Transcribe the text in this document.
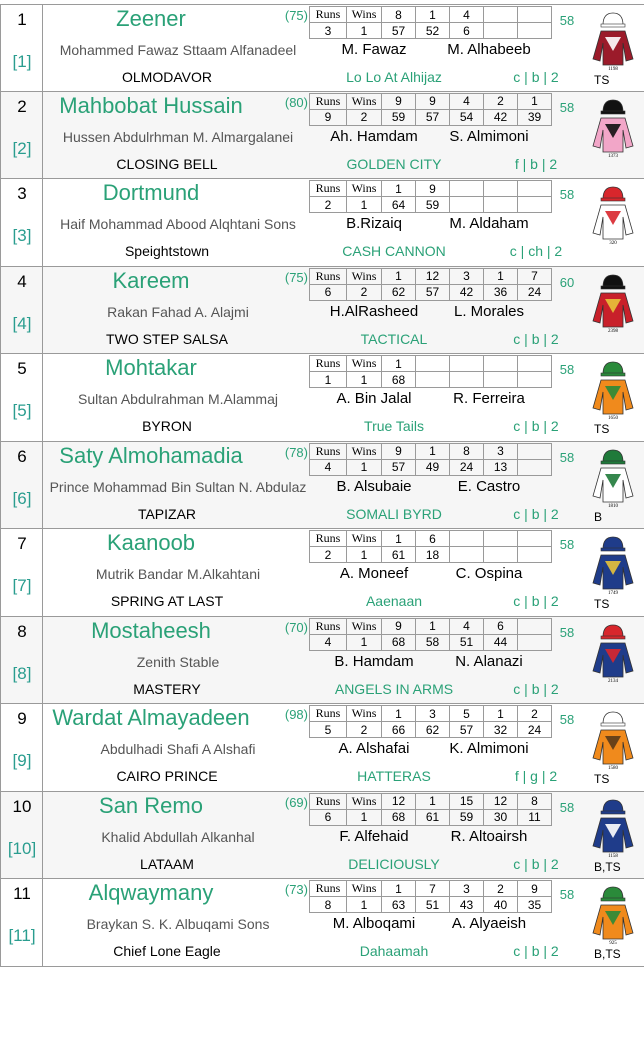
1
[1]
Zeener	(75)
Mohammed Fawaz Sttaam Alfanadeel
OLMODAVOR
Runs	Wins	8	1	4		
3	1	57	52	6		
M. Fawaz	M. Alhabeeb
Lo Lo At Alhijaz	c | b | 2
58
1198
TS
2
[2]
Mahbobat Hussain	(80)
Hussen Abdulrhman M. Almargalanei
CLOSING BELL
Runs	Wins	9	9	4	2	1
9	2	59	57	54	42	39
Ah. Hamdam	S. Almimoni
GOLDEN CITY	f | b | 2
58
1373
3
[3]
Dortmund
Haif Mohammad Abood Alqhtani Sons
Speightstown
Runs	Wins	1	9			
2	1	64	59			
B.Rizaiq	M. Aldaham
CASH CANNON	c | ch | 2
58
320
4
[4]
Kareem	(75)
Rakan Fahad A. Alajmi
TWO STEP SALSA
Runs	Wins	1	12	3	1	7
6	2	62	57	42	36	24
H.AlRasheed	L. Morales
TACTICAL	c | b | 2
60
2398
5
[5]
Mohtakar
Sultan Abdulrahman M.Alammaj
BYRON
Runs	Wins	1				
1	1	68				
A. Bin Jalal	R. Ferreira
True Tails	c | b | 2
58
1650
TS
6
[6]
Saty Almohamadia	(78)
Prince Mohammad Bin Sultan N. Abdulaz
TAPIZAR
Runs	Wins	9	1	8	3	
4	1	57	49	24	13	
B. Alsubaie	E. Castro
SOMALI BYRD	c | b | 2
58
1810
B
7
[7]
Kaanoob
Mutrik Bandar M.Alkahtani
SPRING AT LAST
Runs	Wins	1	6			
2	1	61	18			
A. Moneef	C. Ospina
Aaenaan	c | b | 2
58
1749
TS
8
[8]
Mostaheesh	(70)
Zenith Stable
MASTERY
Runs	Wins	9	1	4	6	
4	1	68	58	51	44	
B. Hamdam	N. Alanazi
ANGELS IN ARMS	c | b | 2
58
2134
9
[9]
Wardat Almayadeen	(98)
Abdulhadi Shafi A Alshafi
CAIRO PRINCE
Runs	Wins	1	3	5	1	2
5	2	66	62	57	32	24
A. Alshafai	K. Almimoni
HATTERAS	f | g | 2
58
1580
TS
10
[10]
San Remo	(69)
Khalid Abdullah Alkanhal
LATAAM
Runs	Wins	12	1	15	12	8
6	1	68	61	59	30	11
F. Alfehaid	R. Altoairsh
DELICIOUSLY	c | b | 2
58
1158
B,TS
11
[11]
Alqwaymany	(73)
Braykan S. K. Albuqami Sons
Chief Lone Eagle
Runs	Wins	1	7	3	2	9
8	1	63	51	43	40	35
M. Alboqami	A. Alyaeish
Dahaamah	c | b | 2
58
925
B,TS
